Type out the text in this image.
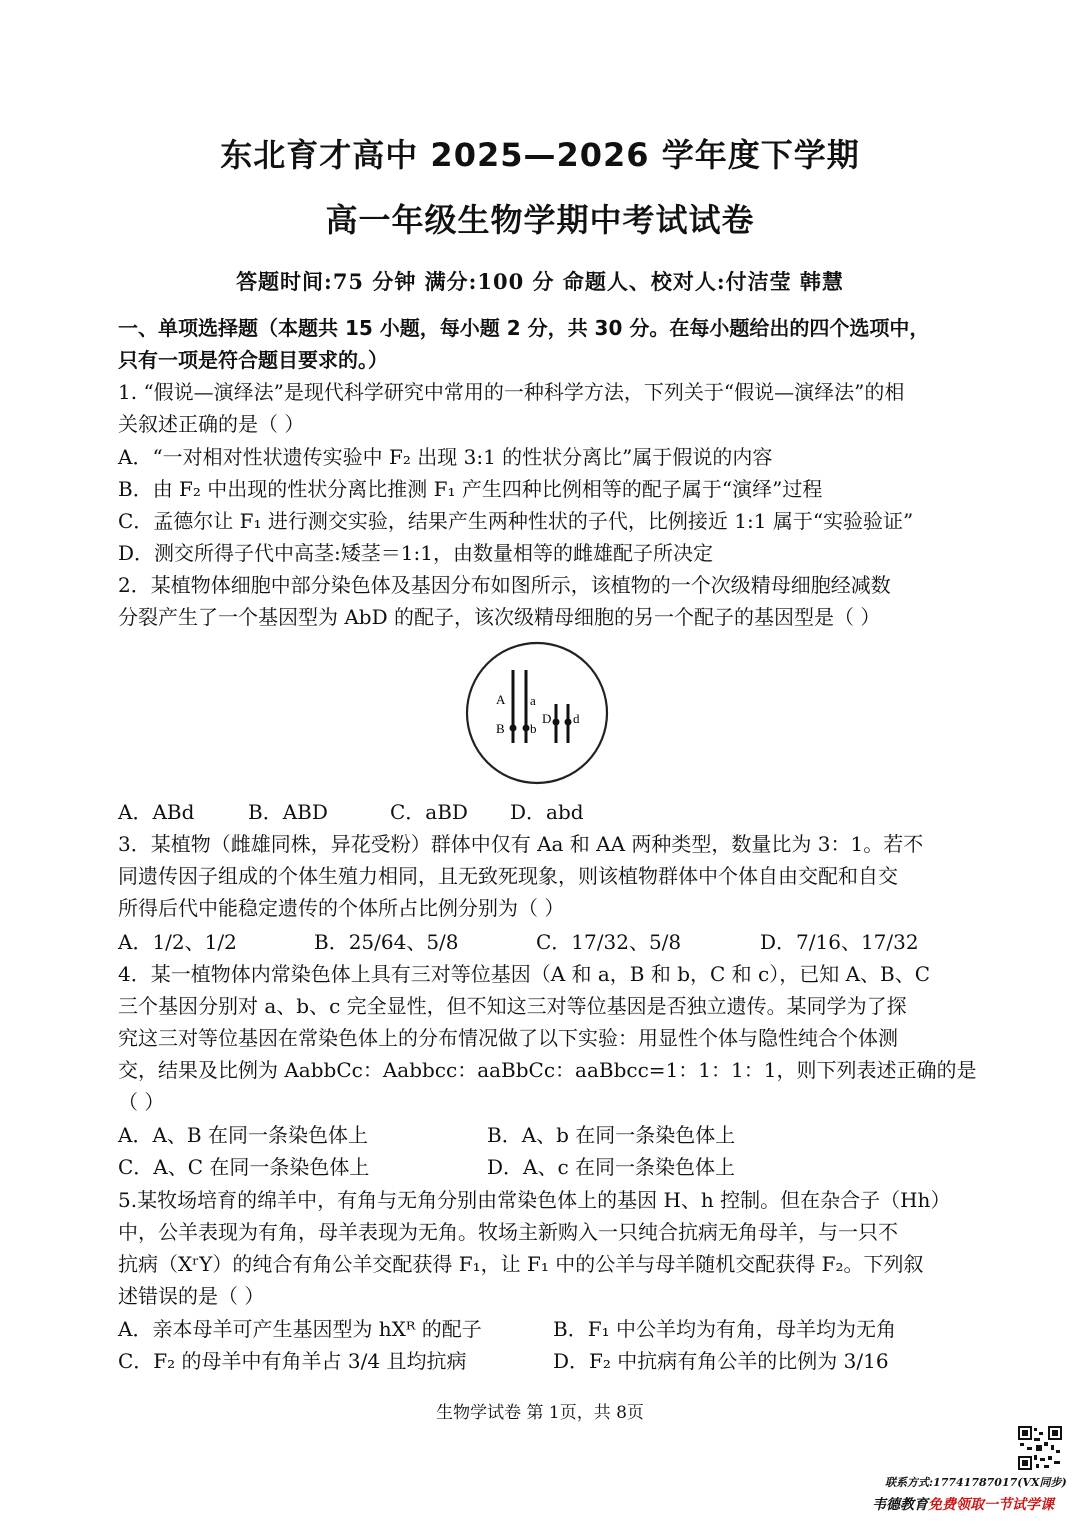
东北育才高中 2025—2026 学年度下学期
高一年级生物学期中考试试卷
答题时间:75 分钟 满分:100 分 命题人、校对人:付洁莹 韩慧
一、单项选择题（本题共 15 小题，每小题 2 分，共 30 分。在每小题给出的四个选项中，
只有一项是符合题目要求的。）
1. “假说—演绎法”是现代科学研究中常用的一种科学方法，下列关于“假说—演绎法”的相
关叙述正确的是（ ）
A．“一对相对性状遗传实验中 F₂ 出现 3:1 的性状分离比”属于假说的内容
B．由 F₂ 中出现的性状分离比推测 F₁ 产生四种比例相等的配子属于“演绎”过程
C．孟德尔让 F₁ 进行测交实验，结果产生两种性状的子代，比例接近 1:1 属于“实验验证”
D．测交所得子代中高茎:矮茎＝1:1，由数量相等的雌雄配子所决定
2．某植物体细胞中部分染色体及基因分布如图所示，该植物的一个次级精母细胞经减数
分裂产生了一个基因型为 AbD 的配子，该次级精母细胞的另一个配子的基因型是（ ）
A a
B b
D d
A．ABd	B．ABD	C．aBD D．abd
3．某植物（雌雄同株，异花受粉）群体中仅有 Aa 和 AA 两种类型，数量比为 3：1。若不
同遗传因子组成的个体生殖力相同，且无致死现象，则该植物群体中个体自由交配和自交
所得后代中能稳定遗传的个体所占比例分别为（ ）
A．1/2、1/2	B．25/64、5/8	C．17/32、5/8	D．7/16、17/32
4．某一植物体内常染色体上具有三对等位基因（A 和 a，B 和 b，C 和 c），已知 A、B、C
三个基因分别对 a、b、c 完全显性，但不知这三对等位基因是否独立遗传。某同学为了探
究这三对等位基因在常染色体上的分布情况做了以下实验：用显性个体与隐性纯合个体测
交，结果及比例为 AabbCc：Aabbcc：aaBbCc：aaBbcc=1：1：1：1，则下列表述正确的是
（ ）
A．A、B 在同一条染色体上	B．A、b 在同一条染色体上
C．A、C 在同一条染色体上	D．A、c 在同一条染色体上
5.某牧场培育的绵羊中，有角与无角分别由常染色体上的基因 H、h 控制。但在杂合子（Hh）
中，公羊表现为有角，母羊表现为无角。牧场主新购入一只纯合抗病无角母羊，与一只不
抗病（XʳY）的纯合有角公羊交配获得 F₁，让 F₁ 中的公羊与母羊随机交配获得 F₂。下列叙
述错误的是（ ）
A．亲本母羊可产生基因型为 hXᴿ 的配子	B．F₁ 中公羊均为有角，母羊均为无角
C．F₂ 的母羊中有角羊占 3/4 且均抗病	D．F₂ 中抗病有角公羊的比例为 3/16
生物学试卷 第 1页，共 8页
联系方式:17741787017(VX同步)
韦德教育免费领取一节试学课
